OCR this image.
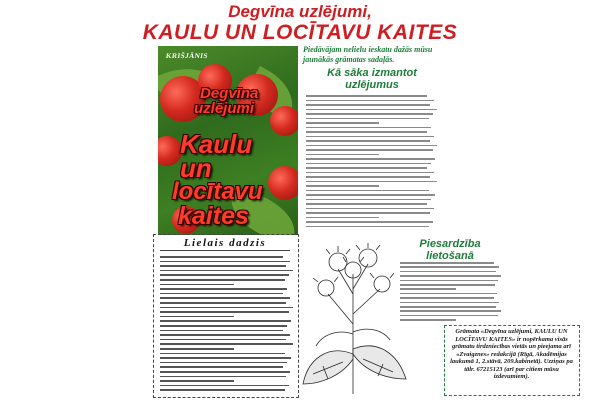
Degvīna uzlējumi,
KAULU UN LOCĪTAVU KAITES
KRIŠJĀNIS
Degvīna
uzlējumi
Kaulu
un
locītavu
kaites
Piedāvājam nelielu ieskatu dažās mūsu jaunākās grāmatas sadaļās.
Kā sāka izmantot
uzlējumus
Lielais dadzis	Piesardzība
lietošanā
Grāmata «Degvīna uzlējumi, KAULU UN LOCĪTAVU KAITES» ir nopērkama visās grāmatu tirdzniecības vietās un pieejama arī «Zvaigznes» redakcijā (Rīgā, Akadēmijas laukumā 1, 2.stāvā, 209.kabinetā). Uzziņas pa tālr. 67215123 (arī par citiem mūsu izdevumiem).
